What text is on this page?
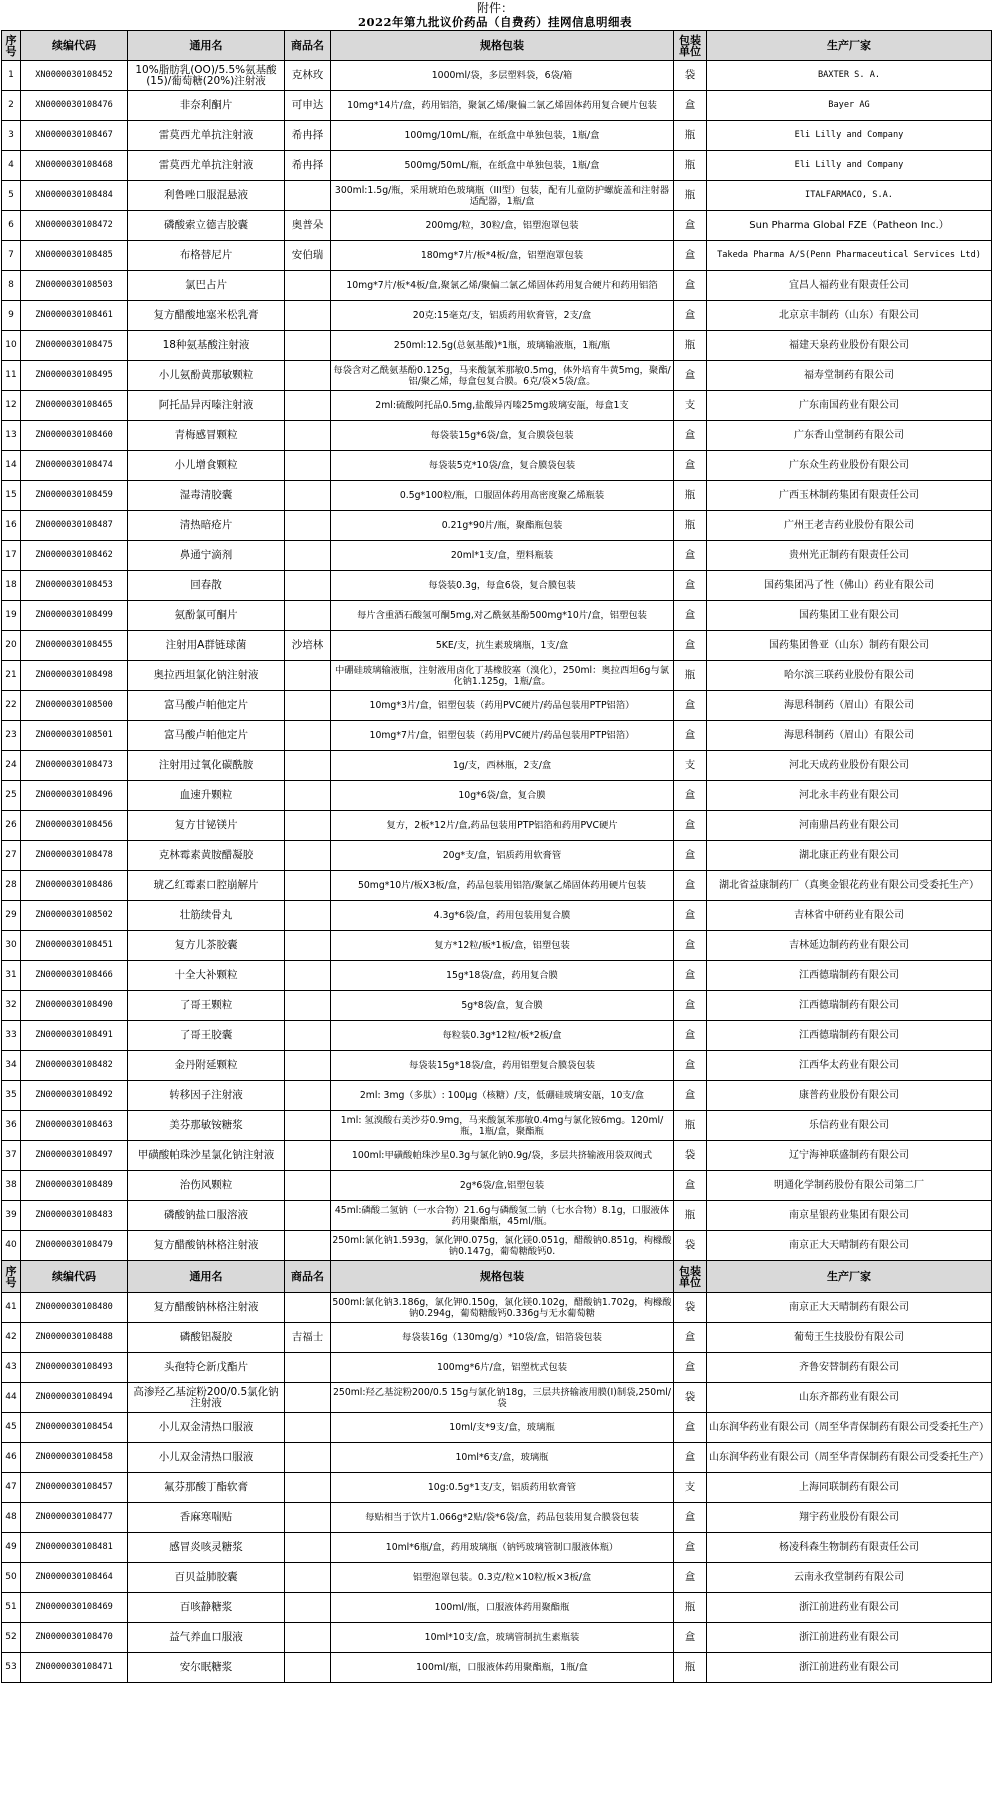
附件：
2022年第九批议价药品（自费药）挂网信息明细表
序号	续编代码	通用名	商品名	规格包装	包装单位	生产厂家
1	XN0000030108452	10%脂肪乳(OO)/5.5%氨基酸(15)/葡萄糖(20%)注射液	克林玫	1000ml/袋，多层塑料袋，6袋/箱	袋	BAXTER S. A.
2	XN0000030108476	非奈利酮片	可申达	10mg*14片/盒，药用铝箔，聚氯乙烯/聚偏二氯乙烯固体药用复合硬片包装	盒	Bayer AG
3	XN0000030108467	雷莫西尤单抗注射液	希冉择	100mg/10mL/瓶，在纸盒中单独包装，1瓶/盒	瓶	Eli Lilly and Company
4	XN0000030108468	雷莫西尤单抗注射液	希冉择	500mg/50mL/瓶，在纸盒中单独包装，1瓶/盒	瓶	Eli Lilly and Company
5	XN0000030108484	利鲁唑口服混悬液		300ml:1.5g/瓶，采用琥珀色玻璃瓶（III型）包装，配有儿童防护螺旋盖和注射器适配器，1瓶/盒	瓶	ITALFARMACO, S.A.
6	XN0000030108472	磷酸索立德吉胶囊	奥普朵	200mg/粒，30粒/盒，铝塑泡罩包装	盒	Sun Pharma Global FZE（Patheon Inc.）
7	XN0000030108485	布格替尼片	安伯瑞	180mg*7片/板*4板/盒，铝塑泡罩包装	盒	Takeda Pharma A/S(Penn Pharmaceutical Services Ltd)
8	ZN0000030108503	氯巴占片		10mg*7片/板*4板/盒,聚氯乙烯/聚偏二氯乙烯固体药用复合硬片和药用铝箔	盒	宜昌人福药业有限责任公司
9	ZN0000030108461	复方醋酸地塞米松乳膏		20克:15毫克/支，铝质药用软膏管，2支/盒	盒	北京京丰制药（山东）有限公司
10	ZN0000030108475	18种氨基酸注射液		250ml:12.5g(总氨基酸)*1瓶，玻璃输液瓶，1瓶/瓶	瓶	福建天泉药业股份有限公司
11	ZN0000030108495	小儿氨酚黄那敏颗粒		每袋含对乙酰氨基酚0.125g，马来酸氯苯那敏0.5mg，体外培育牛黄5mg，聚酯/铝/聚乙烯，每盒包复合膜。6克/袋×5袋/盒。	盒	福寿堂制药有限公司
12	ZN0000030108465	阿托品异丙嗪注射液		2ml:硫酸阿托品0.5mg,盐酸异丙嗪25mg玻璃安瓿，每盒1支	支	广东南国药业有限公司
13	ZN0000030108460	青梅感冒颗粒		每袋装15g*6袋/盒，复合膜袋包装	盒	广东香山堂制药有限公司
14	ZN0000030108474	小儿增食颗粒		每袋装5克*10袋/盒，复合膜袋包装	盒	广东众生药业股份有限公司
15	ZN0000030108459	湿毒清胶囊		0.5g*100粒/瓶，口服固体药用高密度聚乙烯瓶装	瓶	广西玉林制药集团有限责任公司
16	ZN0000030108487	清热暗疮片		0.21g*90片/瓶，聚酯瓶包装	瓶	广州王老吉药业股份有限公司
17	ZN0000030108462	鼻通宁滴剂		20ml*1支/盒，塑料瓶装	盒	贵州光正制药有限责任公司
18	ZN0000030108453	回春散		每袋装0.3g，每盒6袋，复合膜包装	盒	国药集团冯了性（佛山）药业有限公司
19	ZN0000030108499	氨酚氯可酮片		每片含重酒石酸氢可酮5mg,对乙酰氨基酚500mg*10片/盒，铝塑包装	盒	国药集团工业有限公司
20	ZN0000030108455	注射用A群链球菌	沙培林	5KE/支，抗生素玻璃瓶，1支/盒	盒	国药集团鲁亚（山东）制药有限公司
21	ZN0000030108498	奥拉西坦氯化钠注射液		中硼硅玻璃输液瓶，注射液用卤化丁基橡胶塞（溴化），250ml：奥拉西坦6g与氯化钠1.125g，1瓶/盒。	瓶	哈尔滨三联药业股份有限公司
22	ZN0000030108500	富马酸卢帕他定片		10mg*3片/盒，铝塑包装（药用PVC硬片/药品包装用PTP铝箔）	盒	海思科制药（眉山）有限公司
23	ZN0000030108501	富马酸卢帕他定片		10mg*7片/盒，铝塑包装（药用PVC硬片/药品包装用PTP铝箔）	盒	海思科制药（眉山）有限公司
24	ZN0000030108473	注射用过氧化碳酰胺		1g/支，西林瓶，2支/盒	支	河北天成药业股份有限公司
25	ZN0000030108496	血速升颗粒		10g*6袋/盒，复合膜	盒	河北永丰药业有限公司
26	ZN0000030108456	复方甘铋镁片		复方，2板*12片/盒,药品包装用PTP铝箔和药用PVC硬片	盒	河南鼎昌药业有限公司
27	ZN0000030108478	克林霉素黄胺醋凝胶		20g*支/盒，铝质药用软膏管	盒	湖北康正药业有限公司
28	ZN0000030108486	琥乙红霉素口腔崩解片		50mg*10片/板X3板/盒，药品包装用铝箔/聚氯乙烯固体药用硬片包装	盒	湖北省益康制药厂（真奥金银花药业有限公司受委托生产）
29	ZN0000030108502	壮筋续骨丸		4.3g*6袋/盒，药用包装用复合膜	盒	吉林省中研药业有限公司
30	ZN0000030108451	复方儿茶胶囊		复方*12粒/板*1板/盒，铝塑包装	盒	吉林延边制药药业有限公司
31	ZN0000030108466	十全大补颗粒		15g*18袋/盒，药用复合膜	盒	江西德瑞制药有限公司
32	ZN0000030108490	了哥王颗粒		5g*8袋/盒，复合膜	盒	江西德瑞制药有限公司
33	ZN0000030108491	了哥王胶囊		每粒装0.3g*12粒/板*2板/盒	盒	江西德瑞制药有限公司
34	ZN0000030108482	金丹附延颗粒		每袋装15g*18袋/盒，药用铝塑复合膜袋包装	盒	江西华太药业有限公司
35	ZN0000030108492	转移因子注射液		2ml: 3mg（多肽）: 100μg（核糖）/支，低硼硅玻璃安瓿，10支/盒	盒	康普药业股份有限公司
36	ZN0000030108463	美芬那敏铵糖浆		1ml: 氢溴酸右美沙芬0.9mg，马来酸氯苯那敏0.4mg与氯化铵6mg。120ml/瓶，1瓶/盒，聚酯瓶	瓶	乐信药业有限公司
37	ZN0000030108497	甲磺酸帕珠沙星氯化钠注射液		100ml:甲磺酸帕珠沙星0.3g与氯化钠0.9g/袋，多层共挤输液用袋双阀式	袋	辽宁海神联盛制药有限公司
38	ZN0000030108489	治伤风颗粒		2g*6袋/盒,铝塑包装	盒	明通化学制药股份有限公司第二厂
39	ZN0000030108483	磷酸钠盐口服溶液		45ml:磷酸二氢钠（一水合物）21.6g与磷酸氢二钠（七水合物）8.1g，口服液体药用聚酯瓶，45ml/瓶。	瓶	南京星银药业集团有限公司
40	ZN0000030108479	复方醋酸钠林格注射液		250ml:氯化钠1.593g，氯化钾0.075g，氯化镁0.051g，醋酸钠0.851g，枸橼酸钠0.147g，葡萄糖酸钙0.	袋	南京正大天晴制药有限公司
序号	续编代码	通用名	商品名	规格包装	包装单位	生产厂家
41	ZN0000030108480	复方醋酸钠林格注射液		500ml:氯化钠3.186g，氯化钾0.150g，氯化镁0.102g，醋酸钠1.702g，枸橼酸钠0.294g，葡萄糖酸钙0.336g与无水葡萄糖	袋	南京正大天晴制药有限公司
42	ZN0000030108488	磷酸铝凝胶	吉福士	每袋装16g（130mg/g）*10袋/盒，铝箔袋包装	盒	葡萄王生技股份有限公司
43	ZN0000030108493	头孢特仑新戊酯片		100mg*6片/盒，铝塑枕式包装	盒	齐鲁安替制药有限公司
44	ZN0000030108494	高渗羟乙基淀粉200/0.5氯化钠注射液		250ml:羟乙基淀粉200/0.5 15g与氯化钠18g，三层共挤输液用膜(I)制袋,250ml/袋	袋	山东齐都药业有限公司
45	ZN0000030108454	小儿双金清热口服液		10ml/支*9支/盒，玻璃瓶	盒	山东润华药业有限公司（周至华青保制药有限公司受委托生产）
46	ZN0000030108458	小儿双金清热口服液		10ml*6支/盒，玻璃瓶	盒	山东润华药业有限公司（周至华青保制药有限公司受委托生产）
47	ZN0000030108457	氟芬那酸丁酯软膏		10g:0.5g*1支/支，铝质药用软膏管	支	上海同联制药有限公司
48	ZN0000030108477	香麻寒喘贴		每贴相当于饮片1.066g*2贴/袋*6袋/盒，药品包装用复合膜袋包装	盒	翔宇药业股份有限公司
49	ZN0000030108481	感冒炎咳灵糖浆		10ml*6瓶/盒，药用玻璃瓶（钠钙玻璃管制口服液体瓶）	盒	杨凌科森生物制药有限责任公司
50	ZN0000030108464	百贝益肺胶囊		铝塑泡罩包装。0.3克/粒×10粒/板×3板/盒	盒	云南永孜堂制药有限公司
51	ZN0000030108469	百咳静糖浆		100ml/瓶，口服液体药用聚酯瓶	瓶	浙江前进药业有限公司
52	ZN0000030108470	益气养血口服液		10ml*10支/盒，玻璃管制抗生素瓶装	盒	浙江前进药业有限公司
53	ZN0000030108471	安尔眠糖浆		100ml/瓶，口服液体药用聚酯瓶，1瓶/盒	瓶	浙江前进药业有限公司
